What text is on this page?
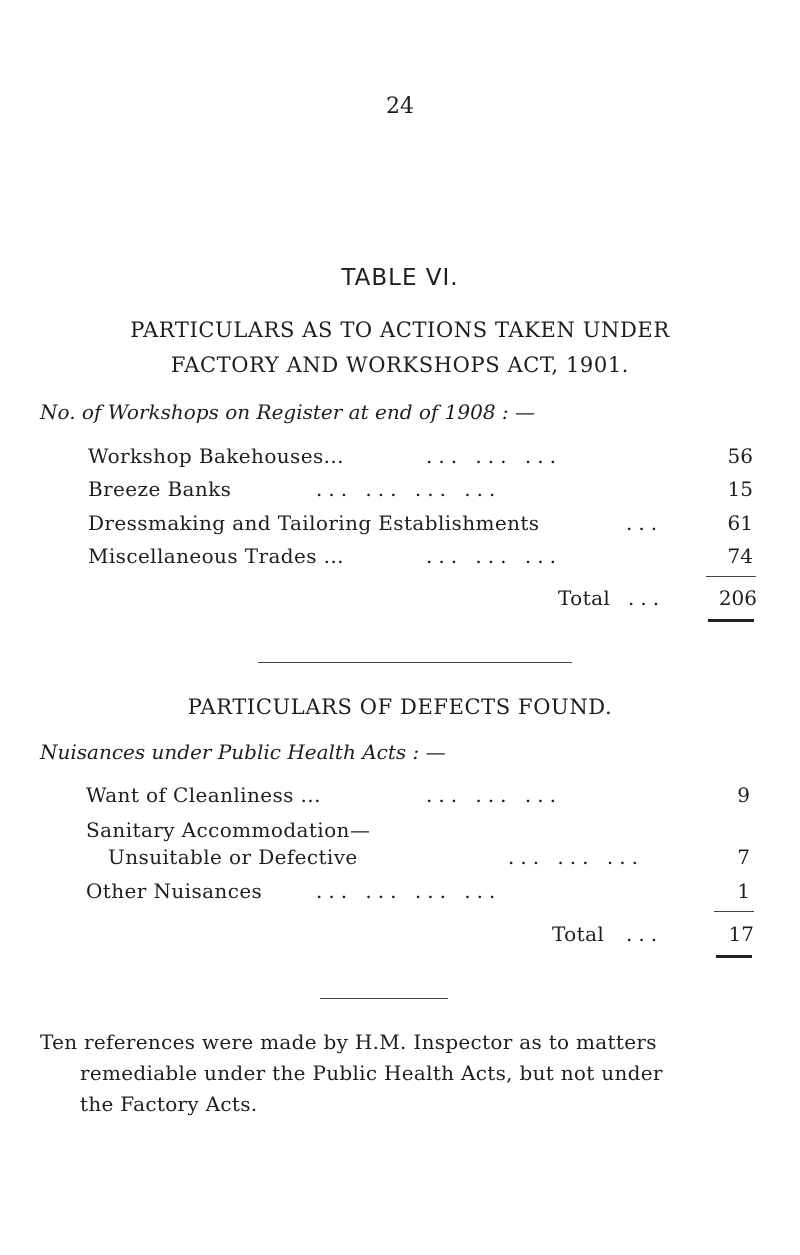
24
TABLE VI.
PARTICULARS AS TO ACTIONS TAKEN UNDER
FACTORY AND WORKSHOPS ACT, 1901.
No. of Workshops on Register at end of 1908 : —
Workshop Bakehouses...	... ... ...	56
Breeze Banks	... ... ... ...	15
Dressmaking and Tailoring Establishments	...	61
Miscellaneous Trades ...	... ... ...	74
Total ...	206
PARTICULARS OF DEFECTS FOUND.
Nuisances under Public Health Acts : —
Want of Cleanliness ...	... ... ...	9
Sanitary Accommodation—
Unsuitable or Defective	... ... ...	7
Other Nuisances	... ... ... ...	1
Total ...	17
Ten references were made by H.M. Inspector as to matters
remediable under the Public Health Acts, but not under
the Factory Acts.
